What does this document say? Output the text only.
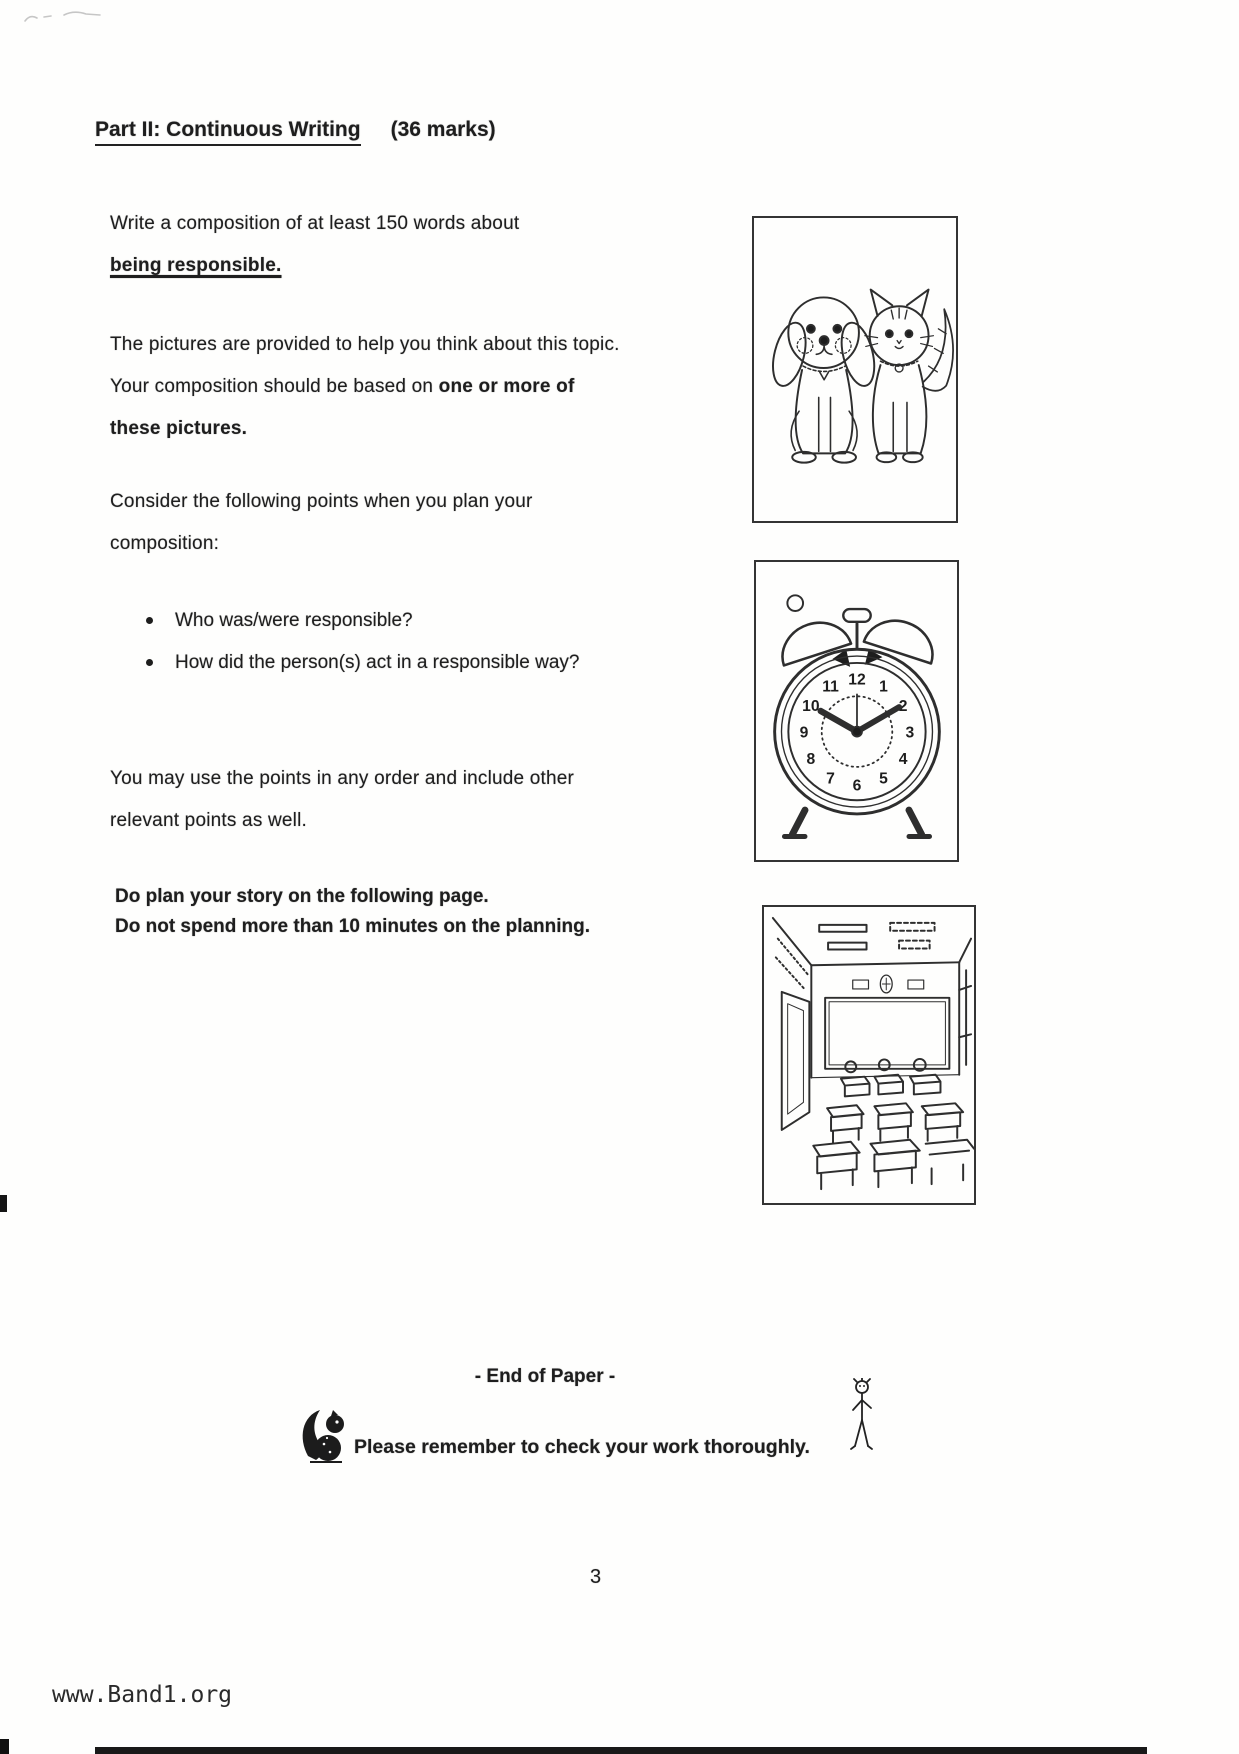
Part II: Continuous Writing (36 marks)
Write a composition of at least 150 words about
being responsible.
The pictures are provided to help you think about this topic.
Your composition should be based on one or more of
these pictures.
Consider the following points when you plan your
composition:
Who was/were responsible?
How did the person(s) act in a responsible way?
You may use the points in any order and include other
relevant points as well.
Do plan your story on the following page.
Do not spend more than 10 minutes on the planning.
12 1
2
3
4
5
6
7
8
9
10
11
- End of Paper -
Please remember to check your work thoroughly.
3
www.Band1.org
